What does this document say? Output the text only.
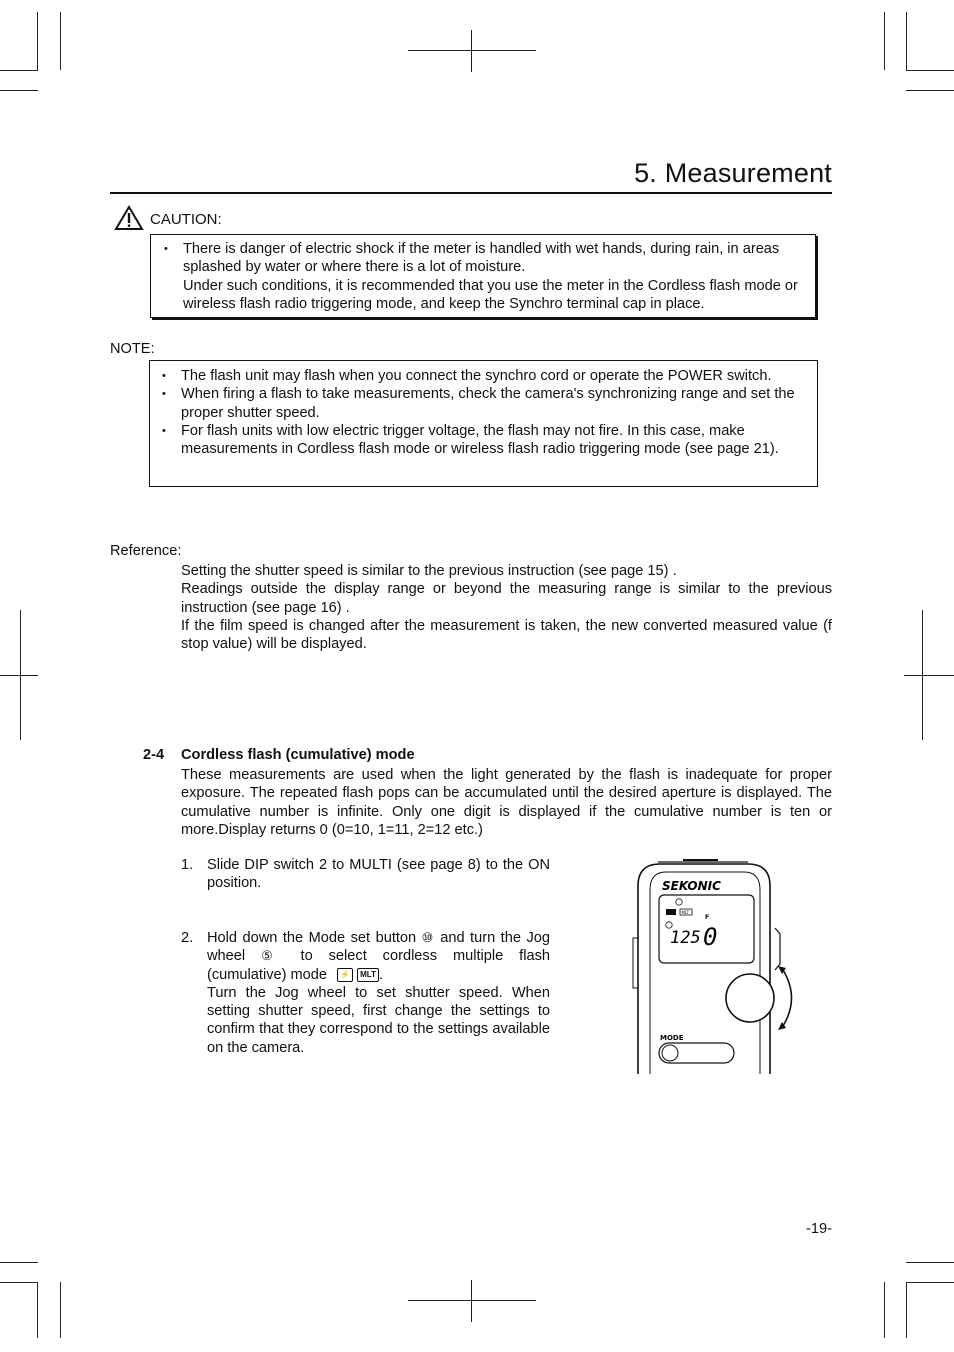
5. Measurement
CAUTION:
• There is danger of electric shock if the meter is handled with wet hands, during rain, in areas splashed by water or where there is a lot of moisture.
Under such conditions, it is recommended that you use the meter in the Cordless flash mode or wireless flash radio triggering mode, and keep the Synchro terminal cap in place.
NOTE:
• The flash unit may flash when you connect the synchro cord or operate the POWER switch.
• When firing a flash to take measurements, check the camera's synchronizing range and set the proper shutter speed.
• For flash units with low electric trigger voltage, the flash may not fire. In this case, make measurements in Cordless flash mode or wireless flash radio triggering mode (see page 21).
Reference:

Setting the shutter speed is similar to the previous instruction (see page 15) .

Readings outside the display range or beyond the measuring range is similar to the previous instruction (see page 16) .

If the film speed is changed after the measurement is taken, the new converted measured value (f stop value) will be displayed.

2-4 Cordless flash (cumulative) mode
These measurements are used when the light generated by the flash is inadequate for proper exposure. The repeated flash pops can be accumulated until the desired aperture is displayed. The cumulative number is infinite. Only one digit is displayed if the cumulative number is ten or more.Display returns 0 (0=10, 1=11, 2=12 etc.)
1. Slide DIP switch 2 to MULTI (see page 8) to the ON position.
2. Hold down the Mode set button ⑩ and turn the Jog wheel ⑤ to select cordless multiple flash (cumulative) mode ⚡ MLT .

Turn the Jog wheel to set shutter speed. When setting shutter speed, first change the settings to confirm that they correspond to the settings available on the camera.

SEKONIC
MLT
F
125 0
MODE
-19-
